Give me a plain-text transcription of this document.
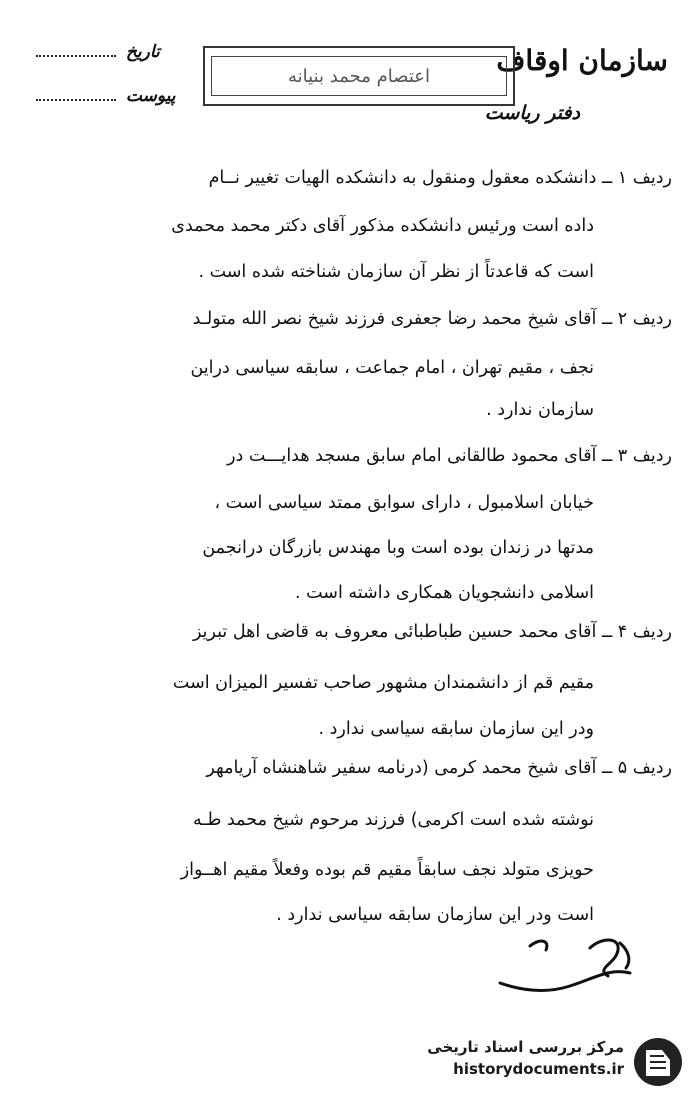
سازمان اوقاف
دفتر ریاست
تاریخ
پیوست
اعتصام محمد بنیانه
ردیف ۱ ــ دانشکده معقول ومنقول به دانشکده الهیات تغییر نــام
داده است ورئیس دانشکده مذکور آقای دکتر محمد محمدی
است که قاعدتاً از نظر آن سازمان شناخته شده است .
ردیف ۲ ــ آقای شیخ محمد رضا جعفری فرزند شیخ نصر الله متولـد
نجف ، مقیم تهران ، امام جماعت ، سابقه سیاسی دراین
سازمان ندارد .
ردیف ۳ ــ آقای محمود طالقانی امام سابق مسجد هدایـــت در
خیابان اسلامبول ، دارای سوابق ممتد سیاسی است ،
مدتها در زندان بوده است وبا مهندس بازرگان درانجمن
اسلامی دانشجویان همکاری داشته است .
ردیف ۴ ــ آقای محمد حسین طباطبائی معروف به قاضی اهل تبریز
مقیم قم از دانشمندان مشهور صاحب تفسیر المیزان است
ودر این سازمان سابقه سیاسی ندارد .
ردیف ۵ ــ آقای شیخ محمد کرمی (درنامه سفیر شاهنشاه آریامهر
نوشته شده است اکرمی) فرزند مرحوم شیخ محمد طـه
حویزی متولد نجف سابقاً مقیم قم بوده وفعلاً مقیم اهــواز
است ودر این سازمان سابقه سیاسی ندارد .
مرکز بررسی اسناد تاریخی
historydocuments.ir
